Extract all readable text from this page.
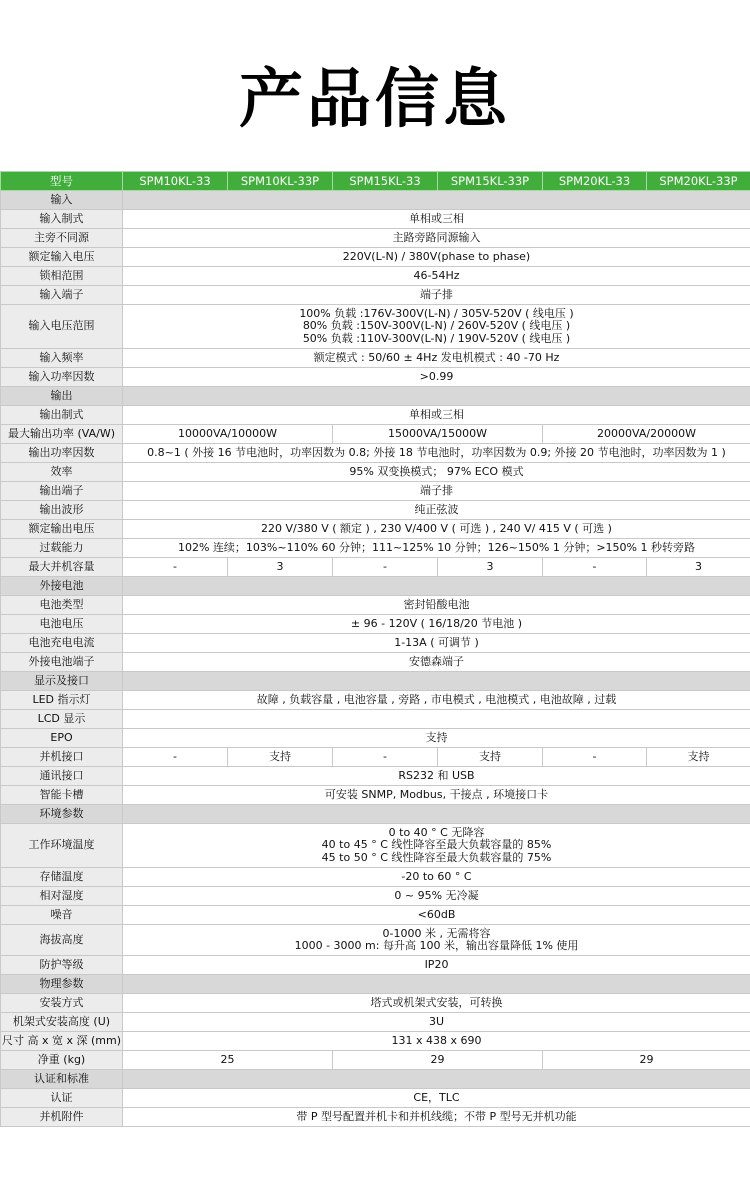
产品信息
型号	SPM10KL-33	SPM10KL-33P	SPM15KL-33	SPM15KL-33P	SPM20KL-33	SPM20KL-33P
输入						
输入制式	单相或三相					
主旁不同源	主路旁路同源输入					
额定输入电压	220V(L-N) / 380V(phase to phase)					
锁相范围	46-54Hz					
输入端子	端子排					
输入电压范围	100% 负载 :176V-300V(L-N) / 305V-520V ( 线电压 )
80% 负载 :150V-300V(L-N) / 260V-520V ( 线电压 )
50% 负载 :110V-300V(L-N) / 190V-520V ( 线电压 )					

输入频率	额定模式 : 50/60 ± 4Hz 发电机模式 : 40 -70 Hz					
输入功率因数	>0.99					
输出						
输出制式	单相或三相					
最大输出功率 (VA/W)	10000VA/10000W		15000VA/15000W		20000VA/20000W	
输出功率因数	0.8~1 ( 外接 16 节电池时，功率因数为 0.8; 外接 18 节电池时，功率因数为 0.9; 外接 20 节电池时，功率因数为 1 )					
效率	95% 双变换模式； 97% ECO 模式					
输出端子	端子排					
输出波形	纯正弦波					
额定输出电压	220 V/380 V ( 额定 ) , 230 V/400 V ( 可选 ) , 240 V/ 415 V ( 可选 )					
过载能力	102% 连续；103%~110% 60 分钟；111~125% 10 分钟；126~150% 1 分钟；>150% 1 秒转旁路					
最大并机容量	-	3	-	3	-	3
外接电池						
电池类型	密封铅酸电池					
电池电压	± 96 - 120V ( 16/18/20 节电池 )					
电池充电电流	1-13A ( 可调节 )					
外接电池端子	安德森端子					
显示及接口						
LED 指示灯	故障 , 负载容量 , 电池容量 , 旁路 , 市电模式 , 电池模式 , 电池故障 , 过载					
LCD 显示						
EPO	支持					
并机接口	-	支持	-	支持	-	支持
通讯接口	RS232 和 USB					
智能卡槽	可安装 SNMP, Modbus, 干接点 , 环境接口卡					
环境参数						
工作环境温度	0 to 40 ° C 无降容
40 to 45 ° C 线性降容至最大负载容量的 85%
45 to 50 ° C 线性降容至最大负载容量的 75%					

存储温度	-20 to 60 ° C					
相对湿度	0 ~ 95% 无冷凝					
噪音	<60dB					
海拔高度	0-1000 米 , 无需将容
1000 - 3000 m: 每升高 100 米，输出容量降低 1% 使用					

防护等级	IP20					
物理参数						
安装方式	塔式或机架式安装，可转换					
机架式安装高度 (U)	3U					
尺寸 高 x 宽 x 深 (mm)	131 x 438 x 690					
净重 (kg)	25		29		29	
认证和标准						
认证	CE，TLC					
并机附件	带 P 型号配置并机卡和并机线缆；不带 P 型号无并机功能					
